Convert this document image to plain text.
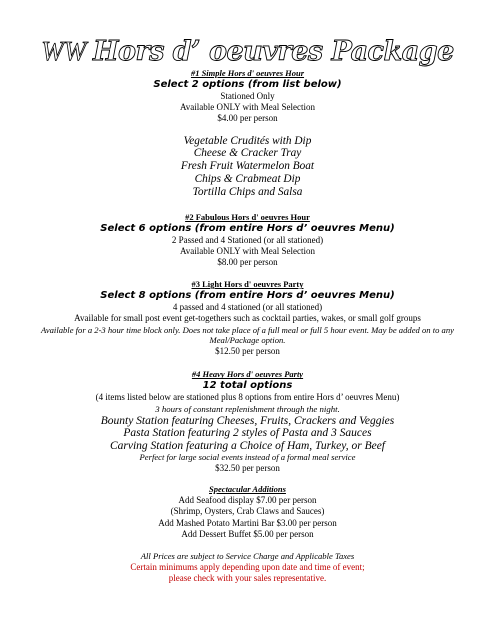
WW Hors d’ oeuvres Package

#1 Simple Hors d' oeuvres Hour

Select 2 options (from list below)

Stationed Only

Available ONLY with Meal Selection

$4.00 per person

Vegetable Crudités with Dip

Cheese & Cracker Tray

Fresh Fruit Watermelon Boat

Chips & Crabmeat Dip

Tortilla Chips and Salsa

#2 Fabulous Hors d' oeuvres Hour

Select 6 options (from entire Hors d’ oeuvres Menu)

2 Passed and 4 Stationed (or all stationed)

Available ONLY with Meal Selection

$8.00 per person

#3 Light Hors d' oeuvres Party

Select 8 options (from entire Hors d’ oeuvres Menu)

4 passed and 4 stationed (or all stationed)

Available for small post event get-togethers such as cocktail parties, wakes, or small golf groups

Available for a 2-3 hour time block only. Does not take place of a full meal or full 5 hour event. May be added on to any Meal/Package option.

$12.50 per person

#4 Heavy Hors d' oeuvres Party

12 total options

(4 items listed below are stationed plus 8 options from entire Hors d’ oeuvres Menu)

3 hours of constant replenishment through the night.

Bounty Station featuring Cheeses, Fruits, Crackers and Veggies

Pasta Station featuring 2 styles of Pasta and 3 Sauces

Carving Station featuring a Choice of Ham, Turkey, or Beef

Perfect for large social events instead of a formal meal service

$32.50 per person

Spectacular Additions

Add Seafood display $7.00 per person

(Shrimp, Oysters, Crab Claws and Sauces)

Add Mashed Potato Martini Bar $3.00 per person

Add Dessert Buffet $5.00 per person

All Prices are subject to Service Charge and Applicable Taxes

Certain minimums apply depending upon date and time of event;

please check with your sales representative.
